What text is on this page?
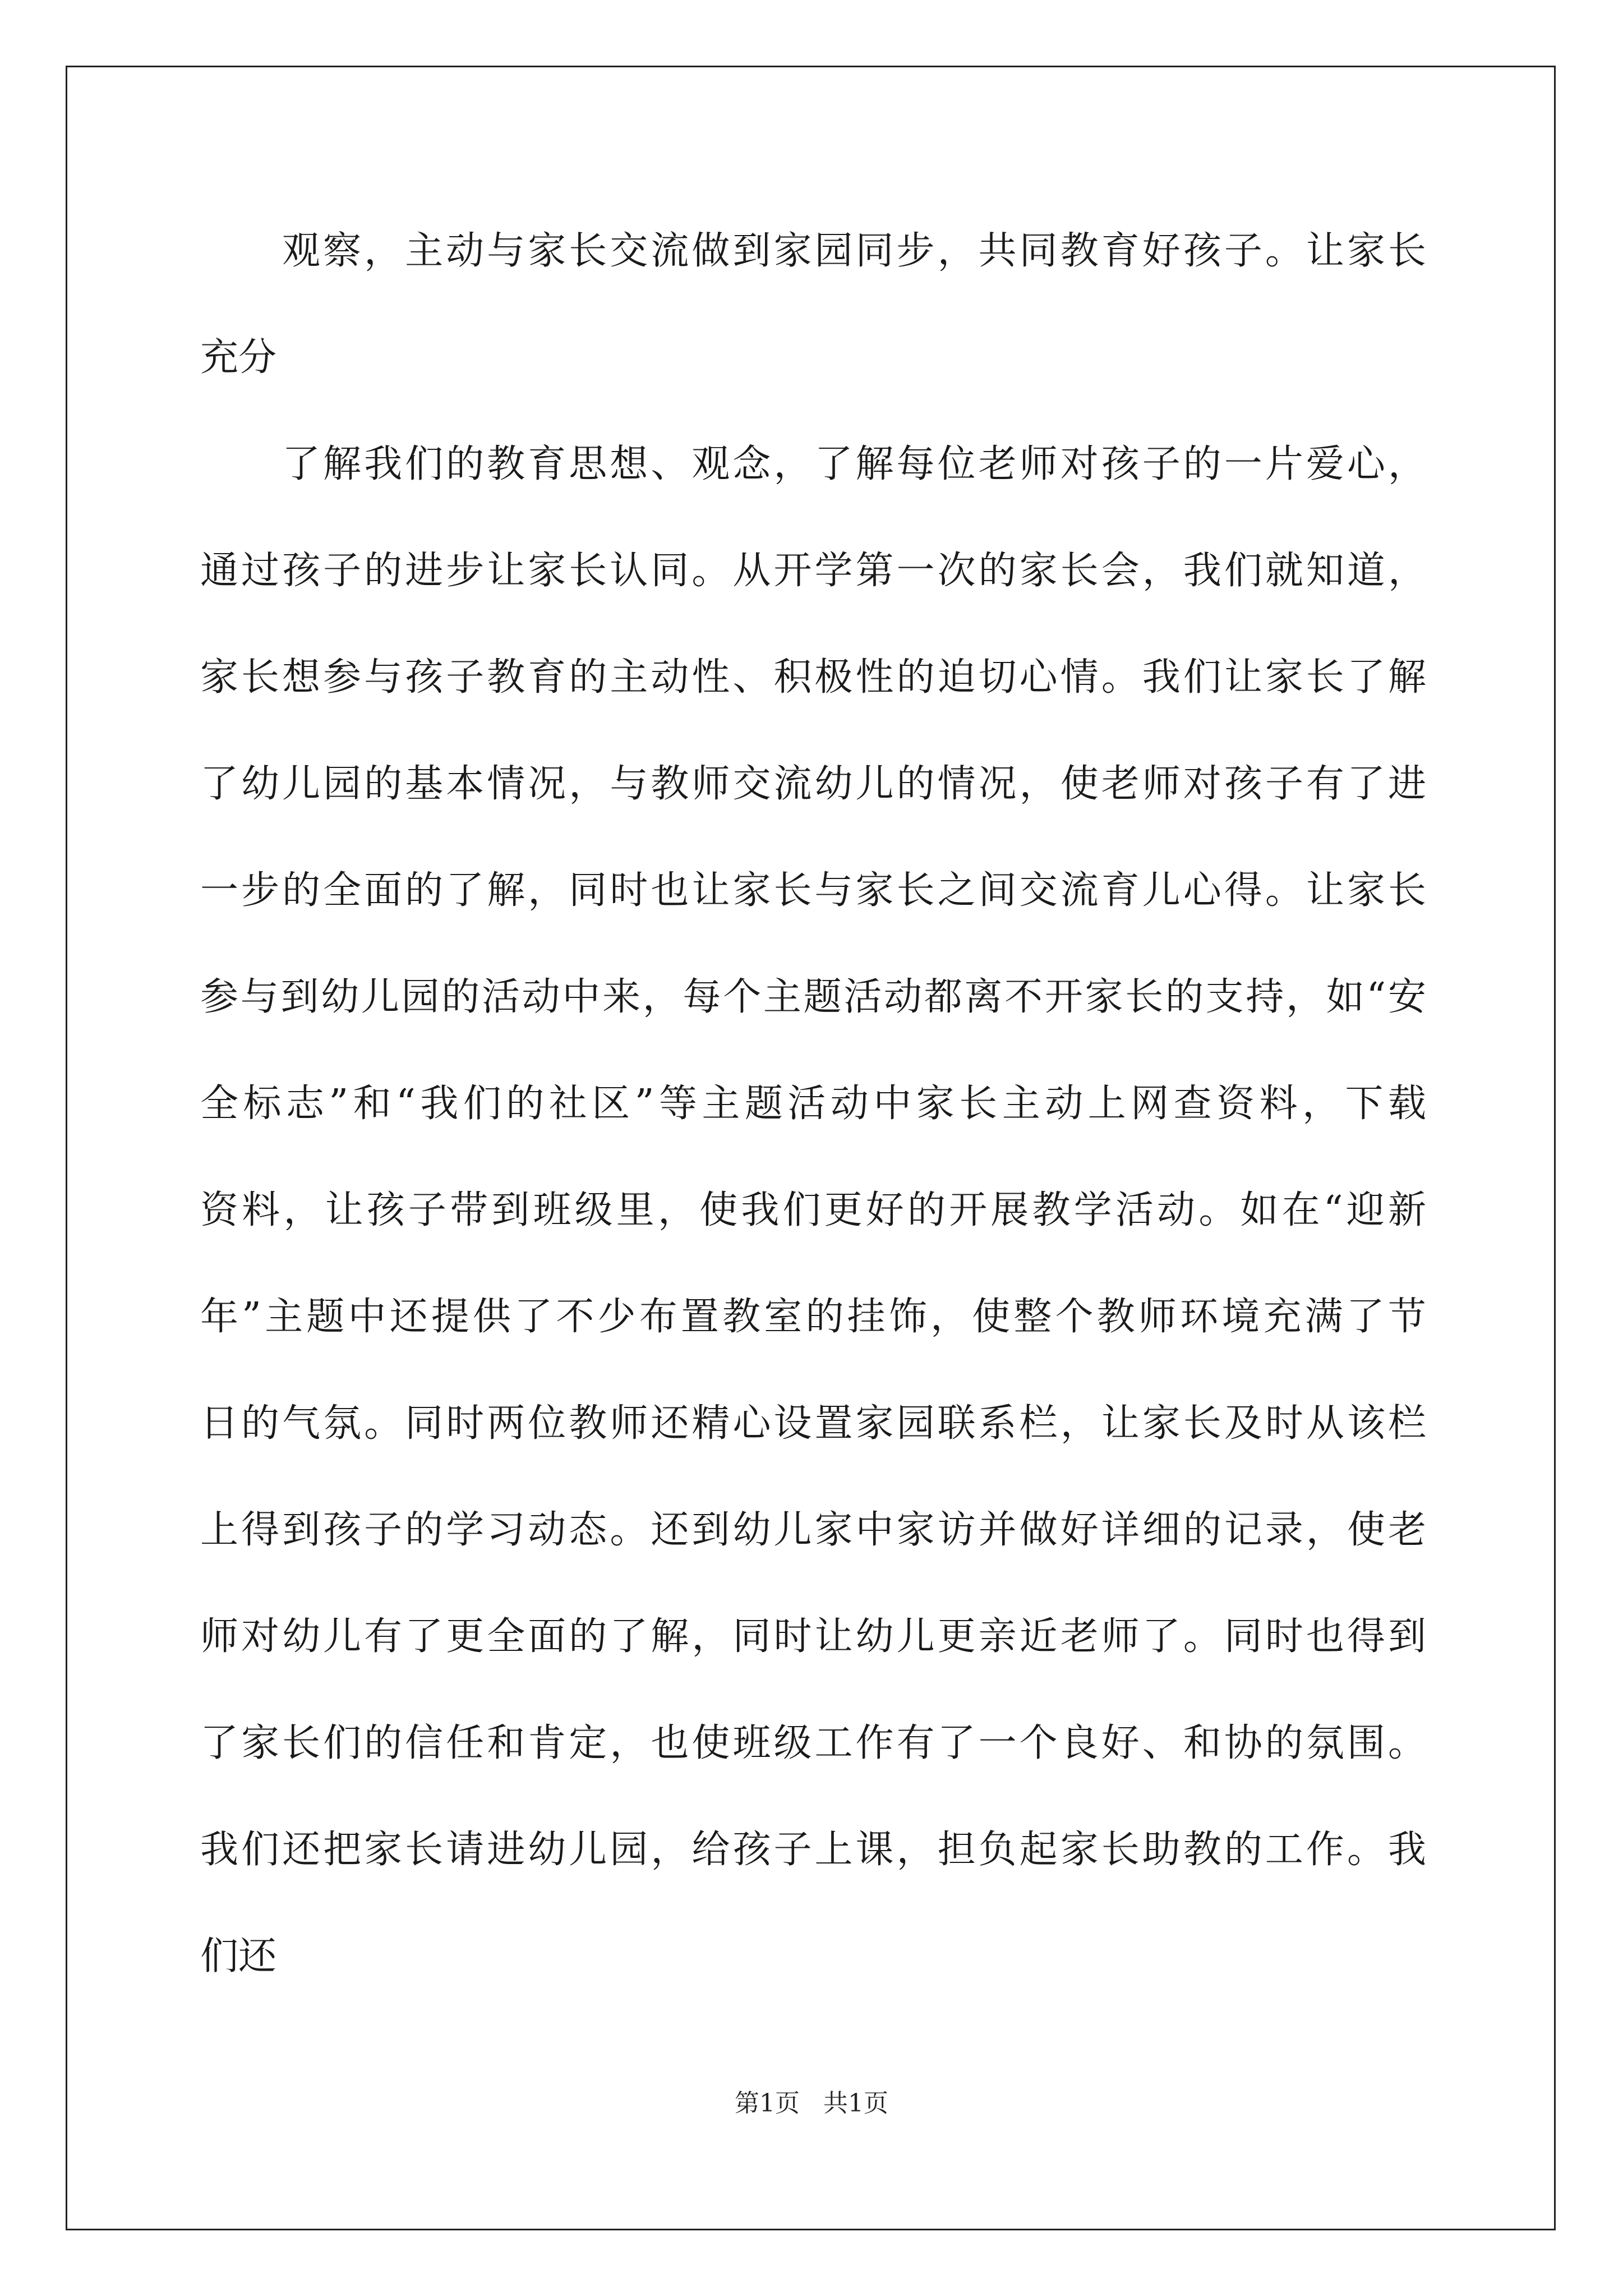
观察，主动与家长交流做到家园同步，共同教育好孩子。让家长
充分
了解我们的教育思想、观念，了解每位老师对孩子的一片爱心，
通过孩子的进步让家长认同。从开学第一次的家长会，我们就知道，
家长想参与孩子教育的主动性、积极性的迫切心情。我们让家长了解
了幼儿园的基本情况，与教师交流幼儿的情况，使老师对孩子有了进
一步的全面的了解，同时也让家长与家长之间交流育儿心得。让家长
参与到幼儿园的活动中来，每个主题活动都离不开家长的支持，如“安
全标志”和“我们的社区”等主题活动中家长主动上网查资料，下载
资料，让孩子带到班级里，使我们更好的开展教学活动。如在“迎新
年”主题中还提供了不少布置教室的挂饰，使整个教师环境充满了节
日的气氛。同时两位教师还精心设置家园联系栏，让家长及时从该栏
上得到孩子的学习动态。还到幼儿家中家访并做好详细的记录，使老
师对幼儿有了更全面的了解，同时让幼儿更亲近老师了。同时也得到
了家长们的信任和肯定，也使班级工作有了一个良好、和协的氛围。
我们还把家长请进幼儿园，给孩子上课，担负起家长助教的工作。我
们还
第1页 共1页
